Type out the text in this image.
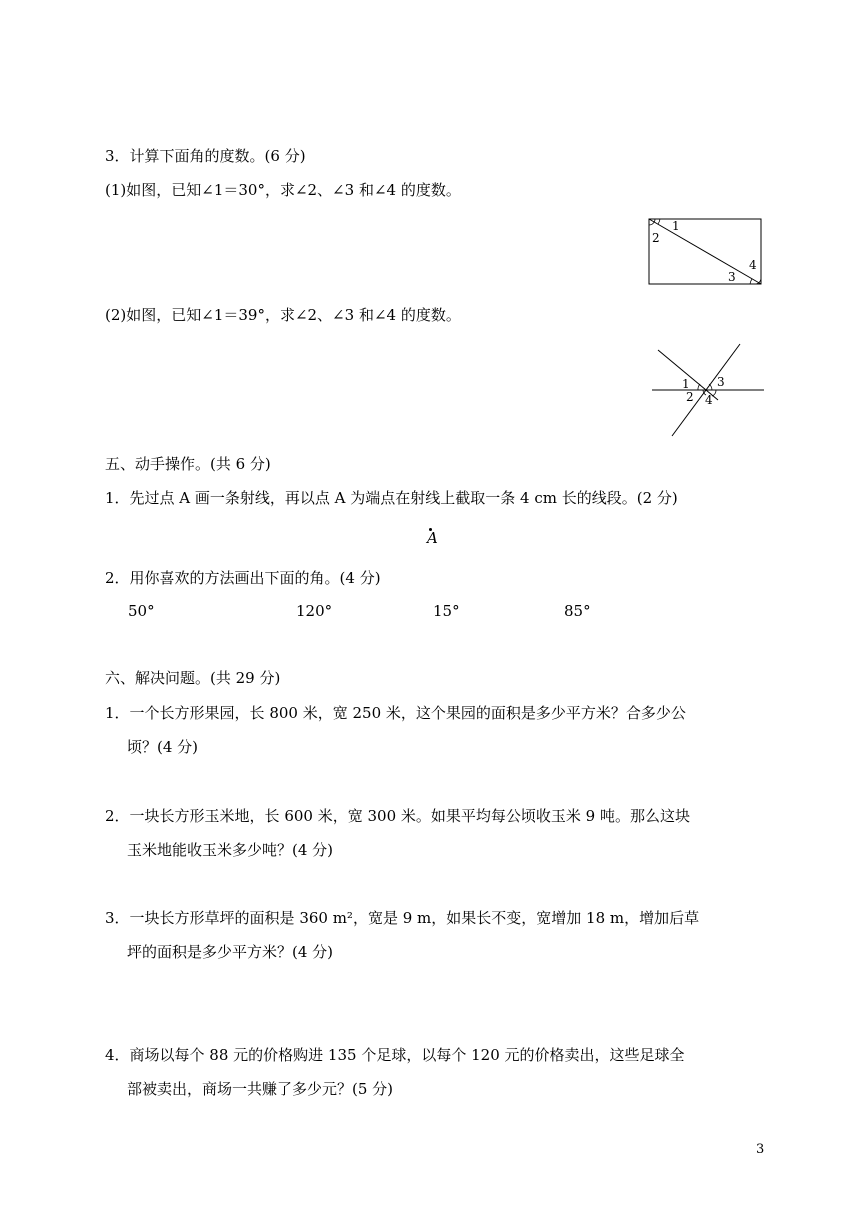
3．计算下面角的度数。(6 分)
(1)如图，已知∠1＝30°，求∠2、∠3 和∠4 的度数。
1
2
3
4
(2)如图，已知∠1＝39°，求∠2、∠3 和∠4 的度数。
1 3
2 4
五、动手操作。(共 6 分)
1．先过点 A 画一条射线，再以点 A 为端点在射线上截取一条 4 cm 长的线段。(2 分)
A
2．用你喜欢的方法画出下面的角。(4 分)
50°	120°	15°	85°
六、解决问题。(共 29 分)
1．一个长方形果园，长 800 米，宽 250 米，这个果园的面积是多少平方米？合多少公
顷？(4 分)
2．一块长方形玉米地，长 600 米，宽 300 米。如果平均每公顷收玉米 9 吨。那么这块
玉米地能收玉米多少吨？(4 分)
3．一块长方形草坪的面积是 360 m²，宽是 9 m，如果长不变，宽增加 18 m，增加后草
坪的面积是多少平方米？(4 分)
4．商场以每个 88 元的价格购进 135 个足球，以每个 120 元的价格卖出，这些足球全
部被卖出，商场一共赚了多少元？(5 分)
3
